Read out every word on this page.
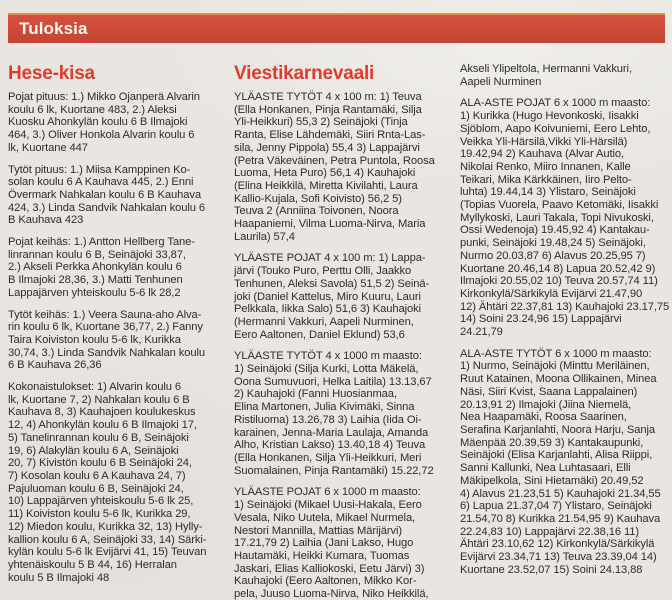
Tuloksia
Hese-kisa
Pojat pituus: 1.) Mikko Ojanperä Alvarin
koulu 6 lk, Kuortane 483, 2.) Aleksi
Kuosku Ahonkylän koulu 6 B Ilmajoki
464, 3.) Oliver Honkola Alvarin koulu 6
lk, Kuortane 447
Tytöt pituus: 1.) Miisa Kamppinen Ko-
solan koulu 6 A Kauhava 445, 2.) Enni
Övermark Nahkalan koulu 6 B Kauhava
424, 3.) Linda Sandvik Nahkalan koulu 6
B Kauhava 423
Pojat keihäs: 1.) Antton Hellberg Tane-
linrannan koulu 6 B, Seinäjoki 33,87,
2.) Akseli Perkka Ahonkylän koulu 6
B Ilmajoki 28,36, 3.) Matti Tenhunen
Lappajärven yhteiskoulu 5-6 lk 28,2
Tytöt keihäs: 1.) Veera Sauna-aho Alva-
rin koulu 6 lk, Kuortane 36,77, 2.) Fanny
Taira Koiviston koulu 5-6 lk, Kurikka
30,74, 3.) Linda Sandvik Nahkalan koulu
6 B Kauhava 26,36
Kokonaistulokset: 1) Alvarin koulu 6
lk, Kuortane 7, 2) Nahkalan koulu 6 B
Kauhava 8, 3) Kauhajoen koulukeskus
12, 4) Ahonkylän koulu 6 B Ilmajoki 17,
5) Tanelinrannan koulu 6 B, Seinäjoki
19, 6) Alakylän koulu 6 A, Seinäjoki
20, 7) Kivistön koulu 6 B Seinäjoki 24,
7) Kosolan koulu 6 A Kauhava 24, 7)
Pajuluoman koulu 6 B, Seinäjoki 24,
10) Lappajärven yhteiskoulu 5-6 lk 25,
11) Koiviston koulu 5-6 lk, Kurikka 29,
12) Miedon koulu, Kurikka 32, 13) Hylly-
kallion koulu 6 A, Seinäjoki 33, 14) Särki-
kylän koulu 5-6 lk Evijärvi 41, 15) Teuvan
yhtenäiskoulu 5 B 44, 16) Herralan
koulu 5 B Ilmajoki 48
Viestikarnevaali
YLÄASTE TYTÖT 4 x 100 m: 1) Teuva
(Ella Honkanen, Pinja Rantamäki, Silja
Yli-Heikkuri) 55,3 2) Seinäjoki (Tinja
Ranta, Elise Lähdemäki, Siiri Rnta-Las-
sila, Jenny Pippola) 55,4 3) Lappajärvi
(Petra Väkeväinen, Petra Puntola, Roosa
Luoma, Heta Puro) 56,1 4) Kauhajoki
(Elina Heikkilä, Miretta Kivilahti, Laura
Kallio-Kujala, Sofi Koivisto) 56,2 5)
Teuva 2 (Anniina Toivonen, Noora
Haapaniemi, Vilma Luoma-Nirva, Maria
Laurila) 57,4
YLÄASTE POJAT 4 x 100 m: 1) Lappa-
järvi (Touko Puro, Perttu Olli, Jaakko
Tenhunen, Aleksi Savola) 51,5 2) Seinä-
joki (Daniel Kattelus, Miro Kuuru, Lauri
Pelkkala, Iikka Salo) 51,6 3) Kauhajoki
(Hermanni Vakkuri, Aapeli Nurminen,
Eero Aaltonen, Daniel Eklund) 53,6
YLÄASTE TYTÖT 4 x 1000 m maasto:
1) Seinäjoki (Silja Kurki, Lotta Mäkelä,
Oona Sumuvuori, Helka Laitila) 13.13,67
2) Kauhajoki (Fanni Huosianmaa,
Elina Martonen, Julia Kivimäki, Sinna
Ristiluoma) 13.26,78 3) Laihia (Iida Oi-
karainen, Jenna-Maria Laulaja, Amanda
Alho, Kristian Lakso) 13.40,18 4) Teuva
(Ella Honkanen, Silja Yli-Heikkuri, Meri
Suomalainen, Pinja Rantamäki) 15.22,72
YLÄASTE POJAT 6 x 1000 m maasto:
1) Seinäjoki (Mikael Uusi-Hakala, Eero
Vesala, Niko Uutela, Mikael Nurmela,
Nestori Mannilla, Mattias Märijärvi)
17.21,79 2) Laihia (Jani Lakso, Hugo
Hautamäki, Heikki Kumara, Tuomas
Jaskari, Elias Kalliokoski, Eetu Järvi) 3)
Kauhajoki (Eero Aaltonen, Mikko Kor-
pela, Juuso Luoma-Nirva, Niko Heikkilä,
Akseli Ylipeltola, Hermanni Vakkuri,
Aapeli Nurminen
ALA-ASTE POJAT 6 x 1000 m maasto:
1) Kurikka (Hugo Hevonkoski, Iisakki
Sjöblom, Aapo Koivuniemi, Eero Lehto,
Veikka Yli-Härsilä,Vikki Yli-Härsilä)
19.42,94 2) Kauhava (Alvar Autio,
Nikolai Renko, Miiro Innanen, Kalle
Teikari, Mika Kärkkäinen, Iiro Pelto-
luhta) 19.44,14 3) Ylistaro, Seinäjoki
(Topias Vuorela, Paavo Ketomäki, Iisakki
Myllykoski, Lauri Takala, Topi Nivukoski,
Ossi Wedenoja) 19.45,92 4) Kantakau-
punki, Seinäjoki 19.48,24 5) Seinäjoki,
Nurmo 20.03,87 6) Alavus 20.25,95 7)
Kuortane 20.46,14 8) Lapua 20.52,42 9)
Ilmajoki 20.55,02 10) Teuva 20.57,74 11)
Kirkonkylä/Särkikylä Evijärvi 21.47,90
12) Ähtäri 22.37,81 13) Kauhajoki 23.17,75
14) Soini 23.24,96 15) Lappajärvi
24.21,79
ALA-ASTE TYTÖT 6 x 1000 m maasto:
1) Nurmo, Seinäjoki (Minttu Meriläinen,
Ruut Katainen, Moona Ollikainen, Minea
Näsi, Siiri Kvist, Saana Lappalainen)
20.13,91 2) Ilmajoki (Jiina Niemelä,
Nea Haapamäki, Roosa Saarinen,
Serafina Karjanlahti, Noora Harju, Sanja
Mäenpää 20.39,59 3) Kantakaupunki,
Seinäjoki (Elisa Karjanlahti, Alisa Riippi,
Sanni Kallunki, Nea Luhtasaari, Elli
Mäkipelkola, Sini Hietamäki) 20.49,52
4) Alavus 21.23,51 5) Kauhajoki 21.34,55
6) Lapua 21.37,04 7) Ylistaro, Seinäjoki
21.54,70 8) Kurikka 21.54,95 9) Kauhava
22.24,83 10) Lappajärvi 22.38,16 11)
Ähtäri 23.10,62 12) Kirkonkylä/Särkikylä
Evijärvi 23.34,71 13) Teuva 23.39,04 14)
Kuortane 23.52,07 15) Soini 24.13,88
